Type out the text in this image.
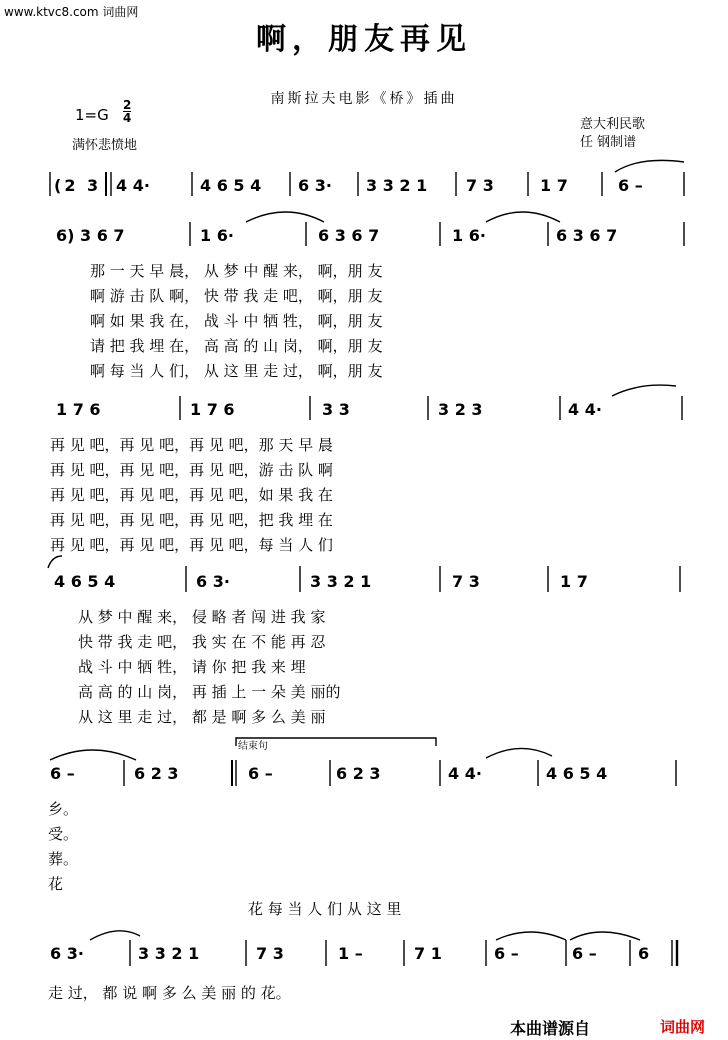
www.ktvc8.com 词曲网
啊，朋友再见
南斯拉夫电影《桥》插曲
1=G
2
4
满怀悲愤地
意大利民歌
任 钢制谱
(2 3 4 4·	4 6 5 4 6 3· 3 3 2 1 7 3	1 7	6 –
6) 3 6 7	1 6·	6 3 6 7	1 6·	6 3 6 7
那 一 天 早 晨， 从 梦 中 醒 来， 啊，朋 友
啊 游 击 队 啊， 快 带 我 走 吧， 啊，朋 友
啊 如 果 我 在， 战 斗 中 牺 牲， 啊，朋 友
请 把 我 埋 在， 高 高 的 山 岗， 啊，朋 友
啊 每 当 人 们， 从 这 里 走 过， 啊，朋 友
1 7 6	1 7 6	3 3	3 2 3	4 4·
再 见 吧，再 见 吧，再 见 吧，那 天 早 晨
再 见 吧，再 见 吧，再 见 吧，游 击 队 啊
再 见 吧，再 见 吧，再 见 吧，如 果 我 在
再 见 吧，再 见 吧，再 见 吧，把 我 埋 在
再 见 吧，再 见 吧，再 见 吧，每 当 人 们
4 6 5 4	6 3·	3 3 2 1	7 3	1 7
从 梦 中 醒 来， 侵 略 者 闯 进 我 家
快 带 我 走 吧， 我 实 在 不 能 再 忍
战 斗 中 牺 牲， 请 你 把 我 来 埋
高 高 的 山 岗， 再 插 上 一 朵 美 丽的
从 这 里 走 过， 都 是 啊 多 么 美 丽
结束句
6 –	6 2 3	6 –	6 2 3	4 4·	4 6 5 4
乡。
受。
葬。
花
花 每 当 人 们 从 这 里
6 3·	3 3 2 1	7 3	1 –	7 1	6 –	6 –	6
走 过， 都 说 啊 多 么 美 丽 的 花。
本曲谱源自	词曲网
